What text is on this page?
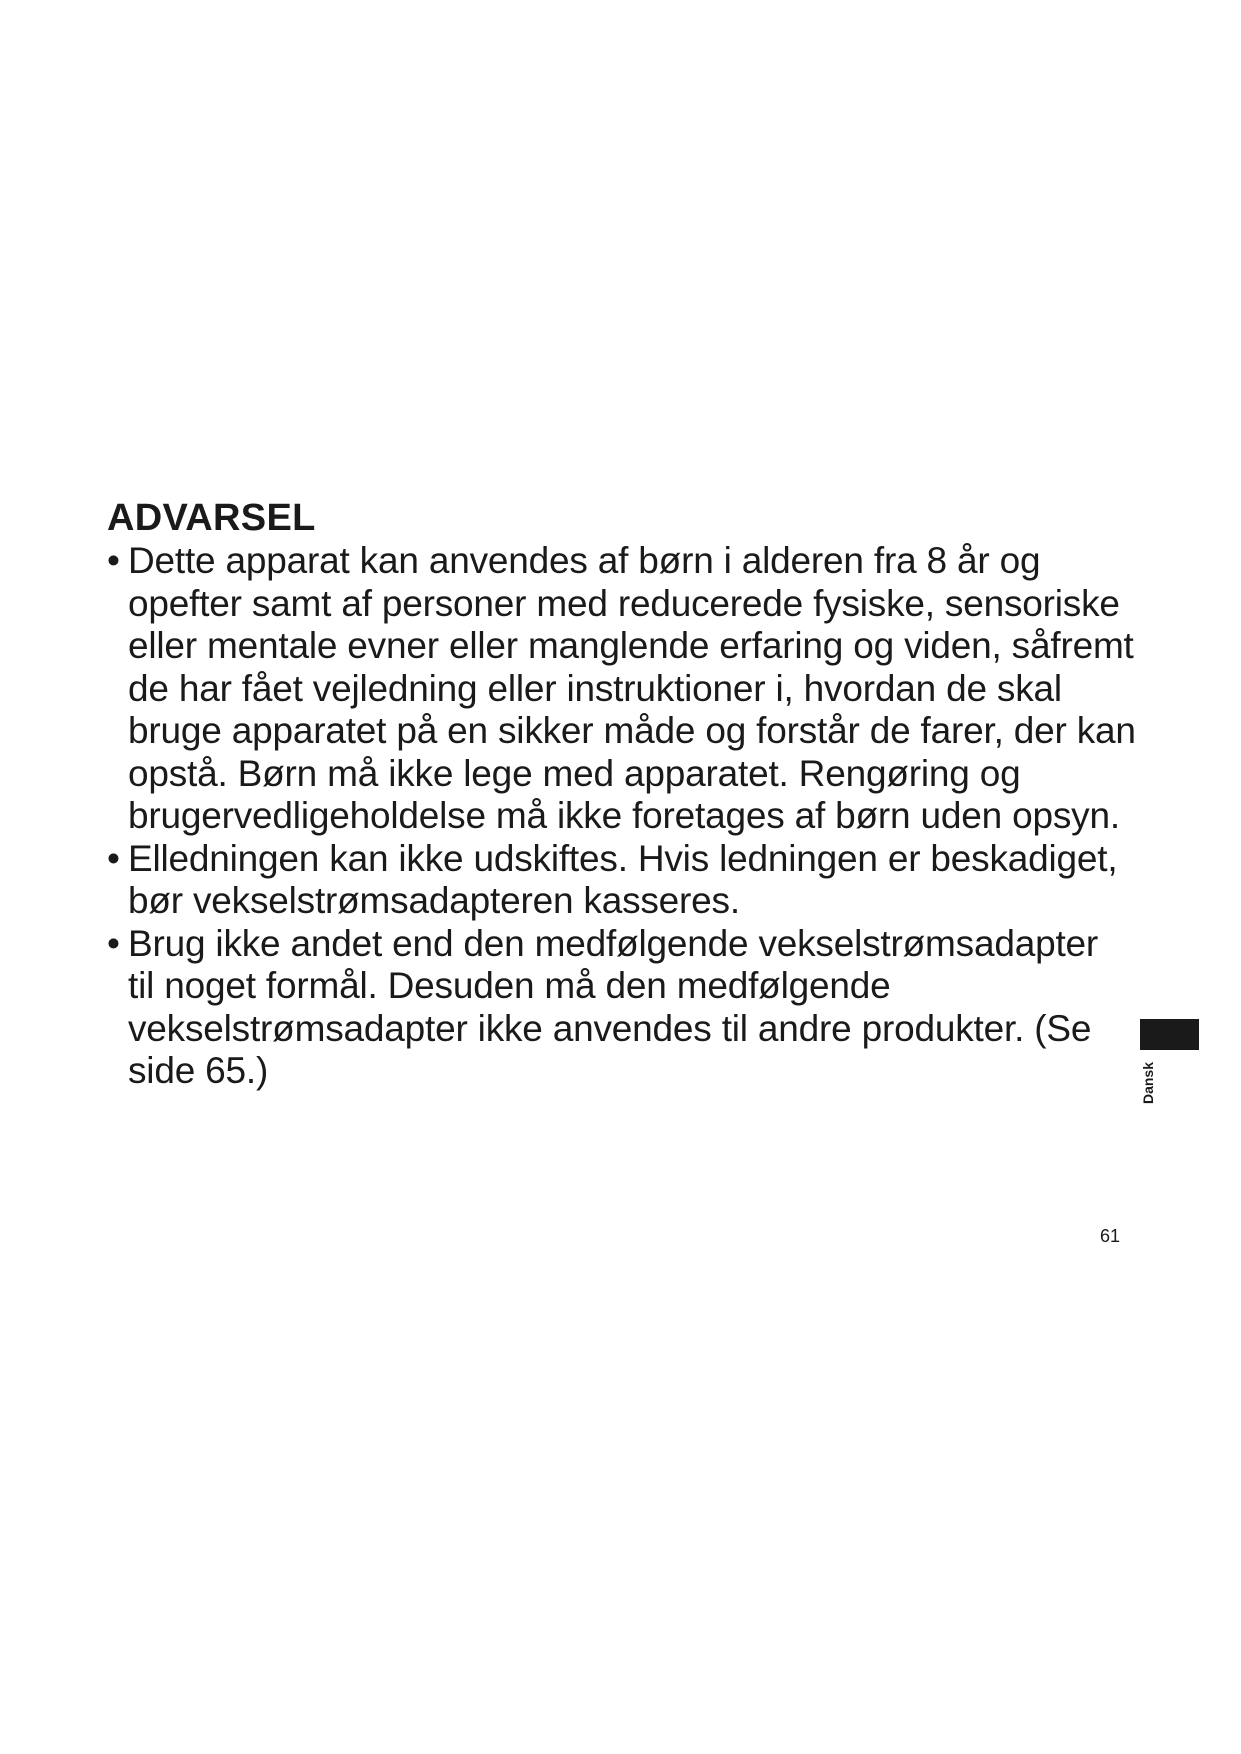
ADVARSEL
• Dette apparat kan anvendes af børn i alderen fra 8 år og
opefter samt af personer med reducerede fysiske, sensoriske
eller mentale evner eller manglende erfaring og viden, såfremt
de har fået vejledning eller instruktioner i, hvordan de skal
bruge apparatet på en sikker måde og forstår de farer, der kan
opstå. Børn må ikke lege med apparatet. Rengøring og
brugervedligeholdelse må ikke foretages af børn uden opsyn.
• Elledningen kan ikke udskiftes. Hvis ledningen er beskadiget,
bør vekselstrømsadapteren kasseres.
• Brug ikke andet end den medfølgende vekselstrømsadapter
til noget formål. Desuden må den medfølgende
vekselstrømsadapter ikke anvendes til andre produkter. (Se
side 65.)	Dansk
61
